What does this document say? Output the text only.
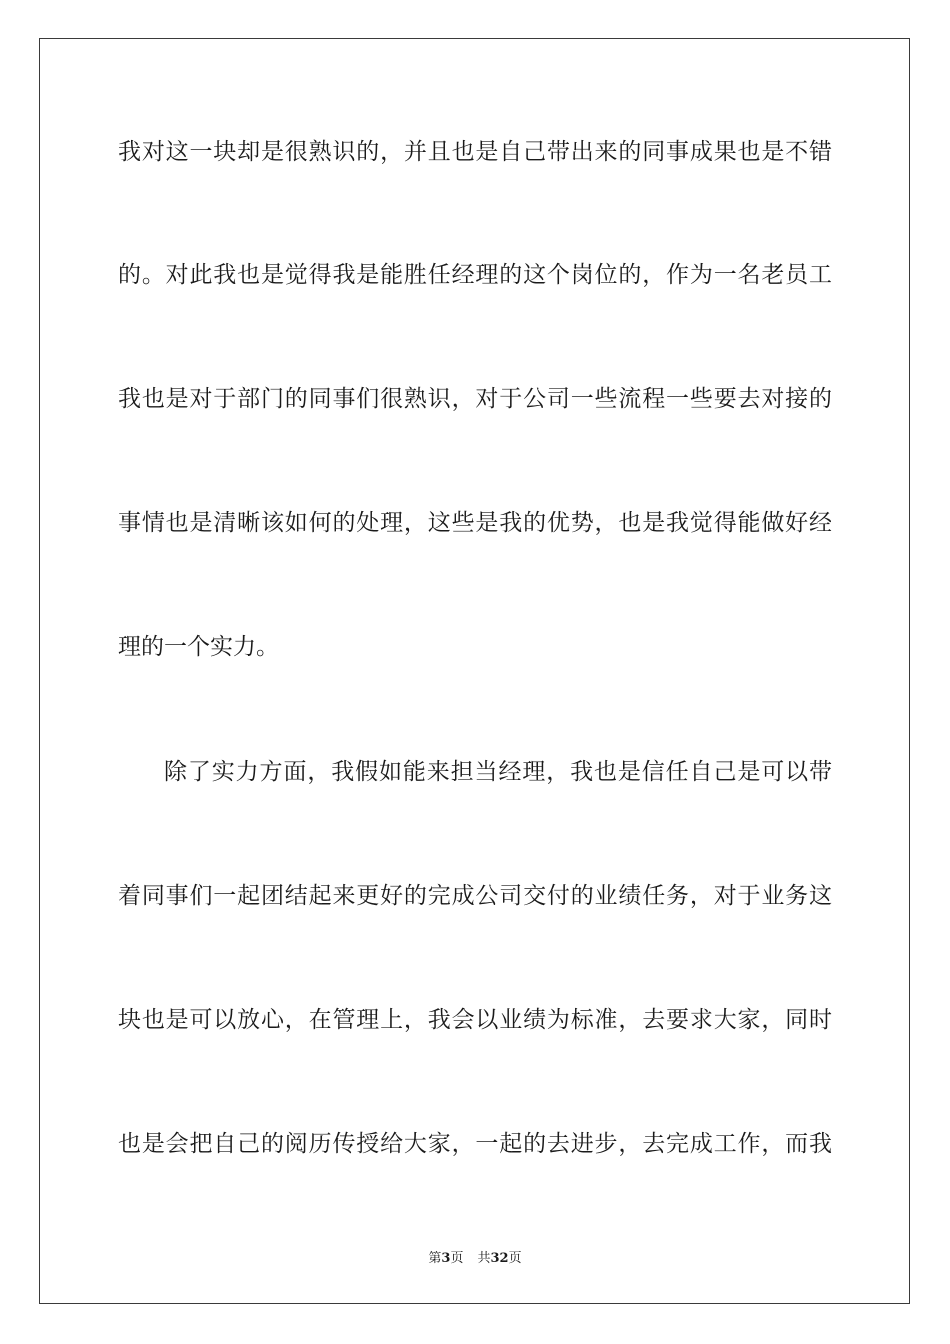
我对这一块却是很熟识的，并且也是自己带出来的同事成果也是不错
的。对此我也是觉得我是能胜任经理的这个岗位的，作为一名老员工
我也是对于部门的同事们很熟识，对于公司一些流程一些要去对接的
事情也是清晰该如何的处理，这些是我的优势，也是我觉得能做好经
理的一个实力。
除了实力方面，我假如能来担当经理，我也是信任自己是可以带
着同事们一起团结起来更好的完成公司交付的业绩任务，对于业务这
块也是可以放心，在管理上，我会以业绩为标准，去要求大家，同时
也是会把自己的阅历传授给大家，一起的去进步，去完成工作，而我
第3页 共32页
